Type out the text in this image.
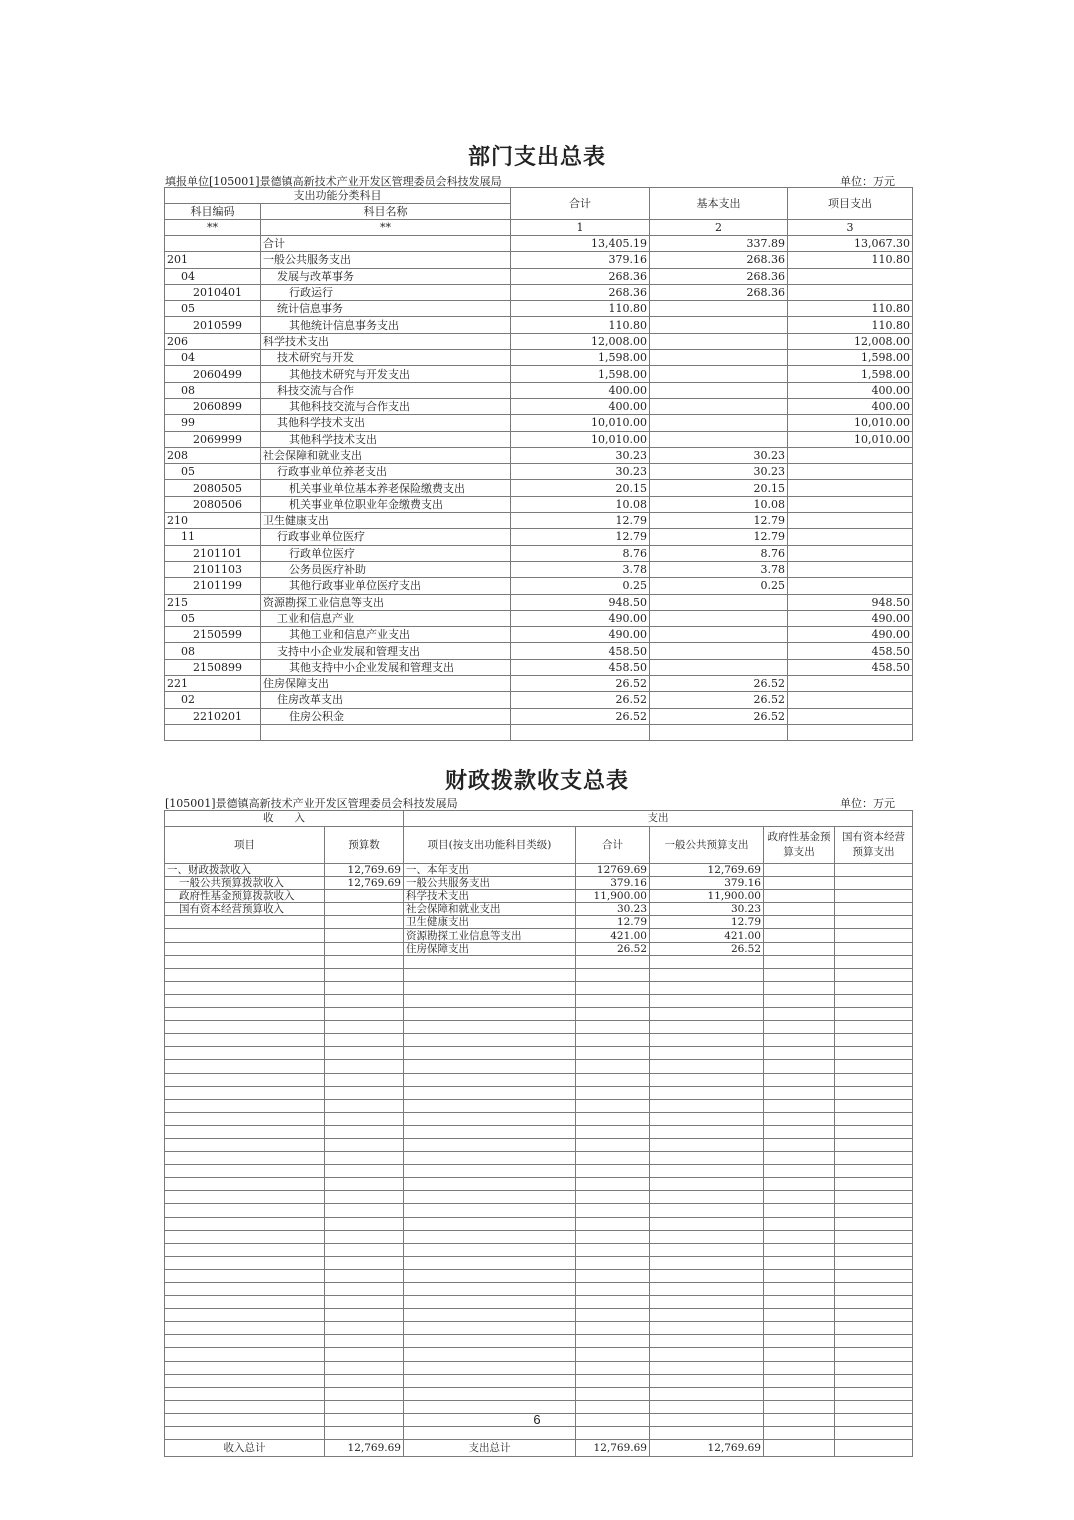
部门支出总表
填报单位[105001]景德镇高新技术产业开发区管理委员会科技发展局	单位：万元
支出功能分类科目		合计	基本支出	项目支出
科目编码	科目名称			
**	**	1	2	3
	合计	13,405.19	337.89	13,067.30
201	一般公共服务支出	379.16	268.36	110.80
04	发展与改革事务	268.36	268.36	
2010401	行政运行	268.36	268.36	
05	统计信息事务	110.80		110.80
2010599	其他统计信息事务支出	110.80		110.80
206	科学技术支出	12,008.00		12,008.00
04	技术研究与开发	1,598.00		1,598.00
2060499	其他技术研究与开发支出	1,598.00		1,598.00
08	科技交流与合作	400.00		400.00
2060899	其他科技交流与合作支出	400.00		400.00
99	其他科学技术支出	10,010.00		10,010.00
2069999	其他科学技术支出	10,010.00		10,010.00
208	社会保障和就业支出	30.23	30.23	
05	行政事业单位养老支出	30.23	30.23	
2080505	机关事业单位基本养老保险缴费支出	20.15	20.15	
2080506	机关事业单位职业年金缴费支出	10.08	10.08	
210	卫生健康支出	12.79	12.79	
11	行政事业单位医疗	12.79	12.79	
2101101	行政单位医疗	8.76	8.76	
2101103	公务员医疗补助	3.78	3.78	
2101199	其他行政事业单位医疗支出	0.25	0.25	
215	资源勘探工业信息等支出	948.50		948.50
05	工业和信息产业	490.00		490.00
2150599	其他工业和信息产业支出	490.00		490.00
08	支持中小企业发展和管理支出	458.50		458.50
2150899	其他支持中小企业发展和管理支出	458.50		458.50
221	住房保障支出	26.52	26.52	
02	住房改革支出	26.52	26.52	
2210201	住房公积金	26.52	26.52	

财政拨款收支总表
[105001]景德镇高新技术产业开发区管理委员会科技发展局	单位：万元
收　　入		支出				
项目	预算数	项目(按支出功能科目类级)	合计	一般公共预算支出	政府性基金预算支出	国有资本经营预算支出
一、财政拨款收入	12,769.69	一、本年支出	12769.69	12,769.69		
一般公共预算拨款收入	12,769.69	一般公共服务支出	379.16	379.16		
政府性基金预算拨款收入		科学技术支出	11,900.00	11,900.00		
国有资本经营预算收入		社会保障和就业支出	30.23	30.23		
		卫生健康支出	12.79	12.79		
		资源勘探工业信息等支出	421.00	421.00		
		住房保障支出	26.52	26.52		

收入总计	12,769.69	支出总计	12,769.69	12,769.69		
6
